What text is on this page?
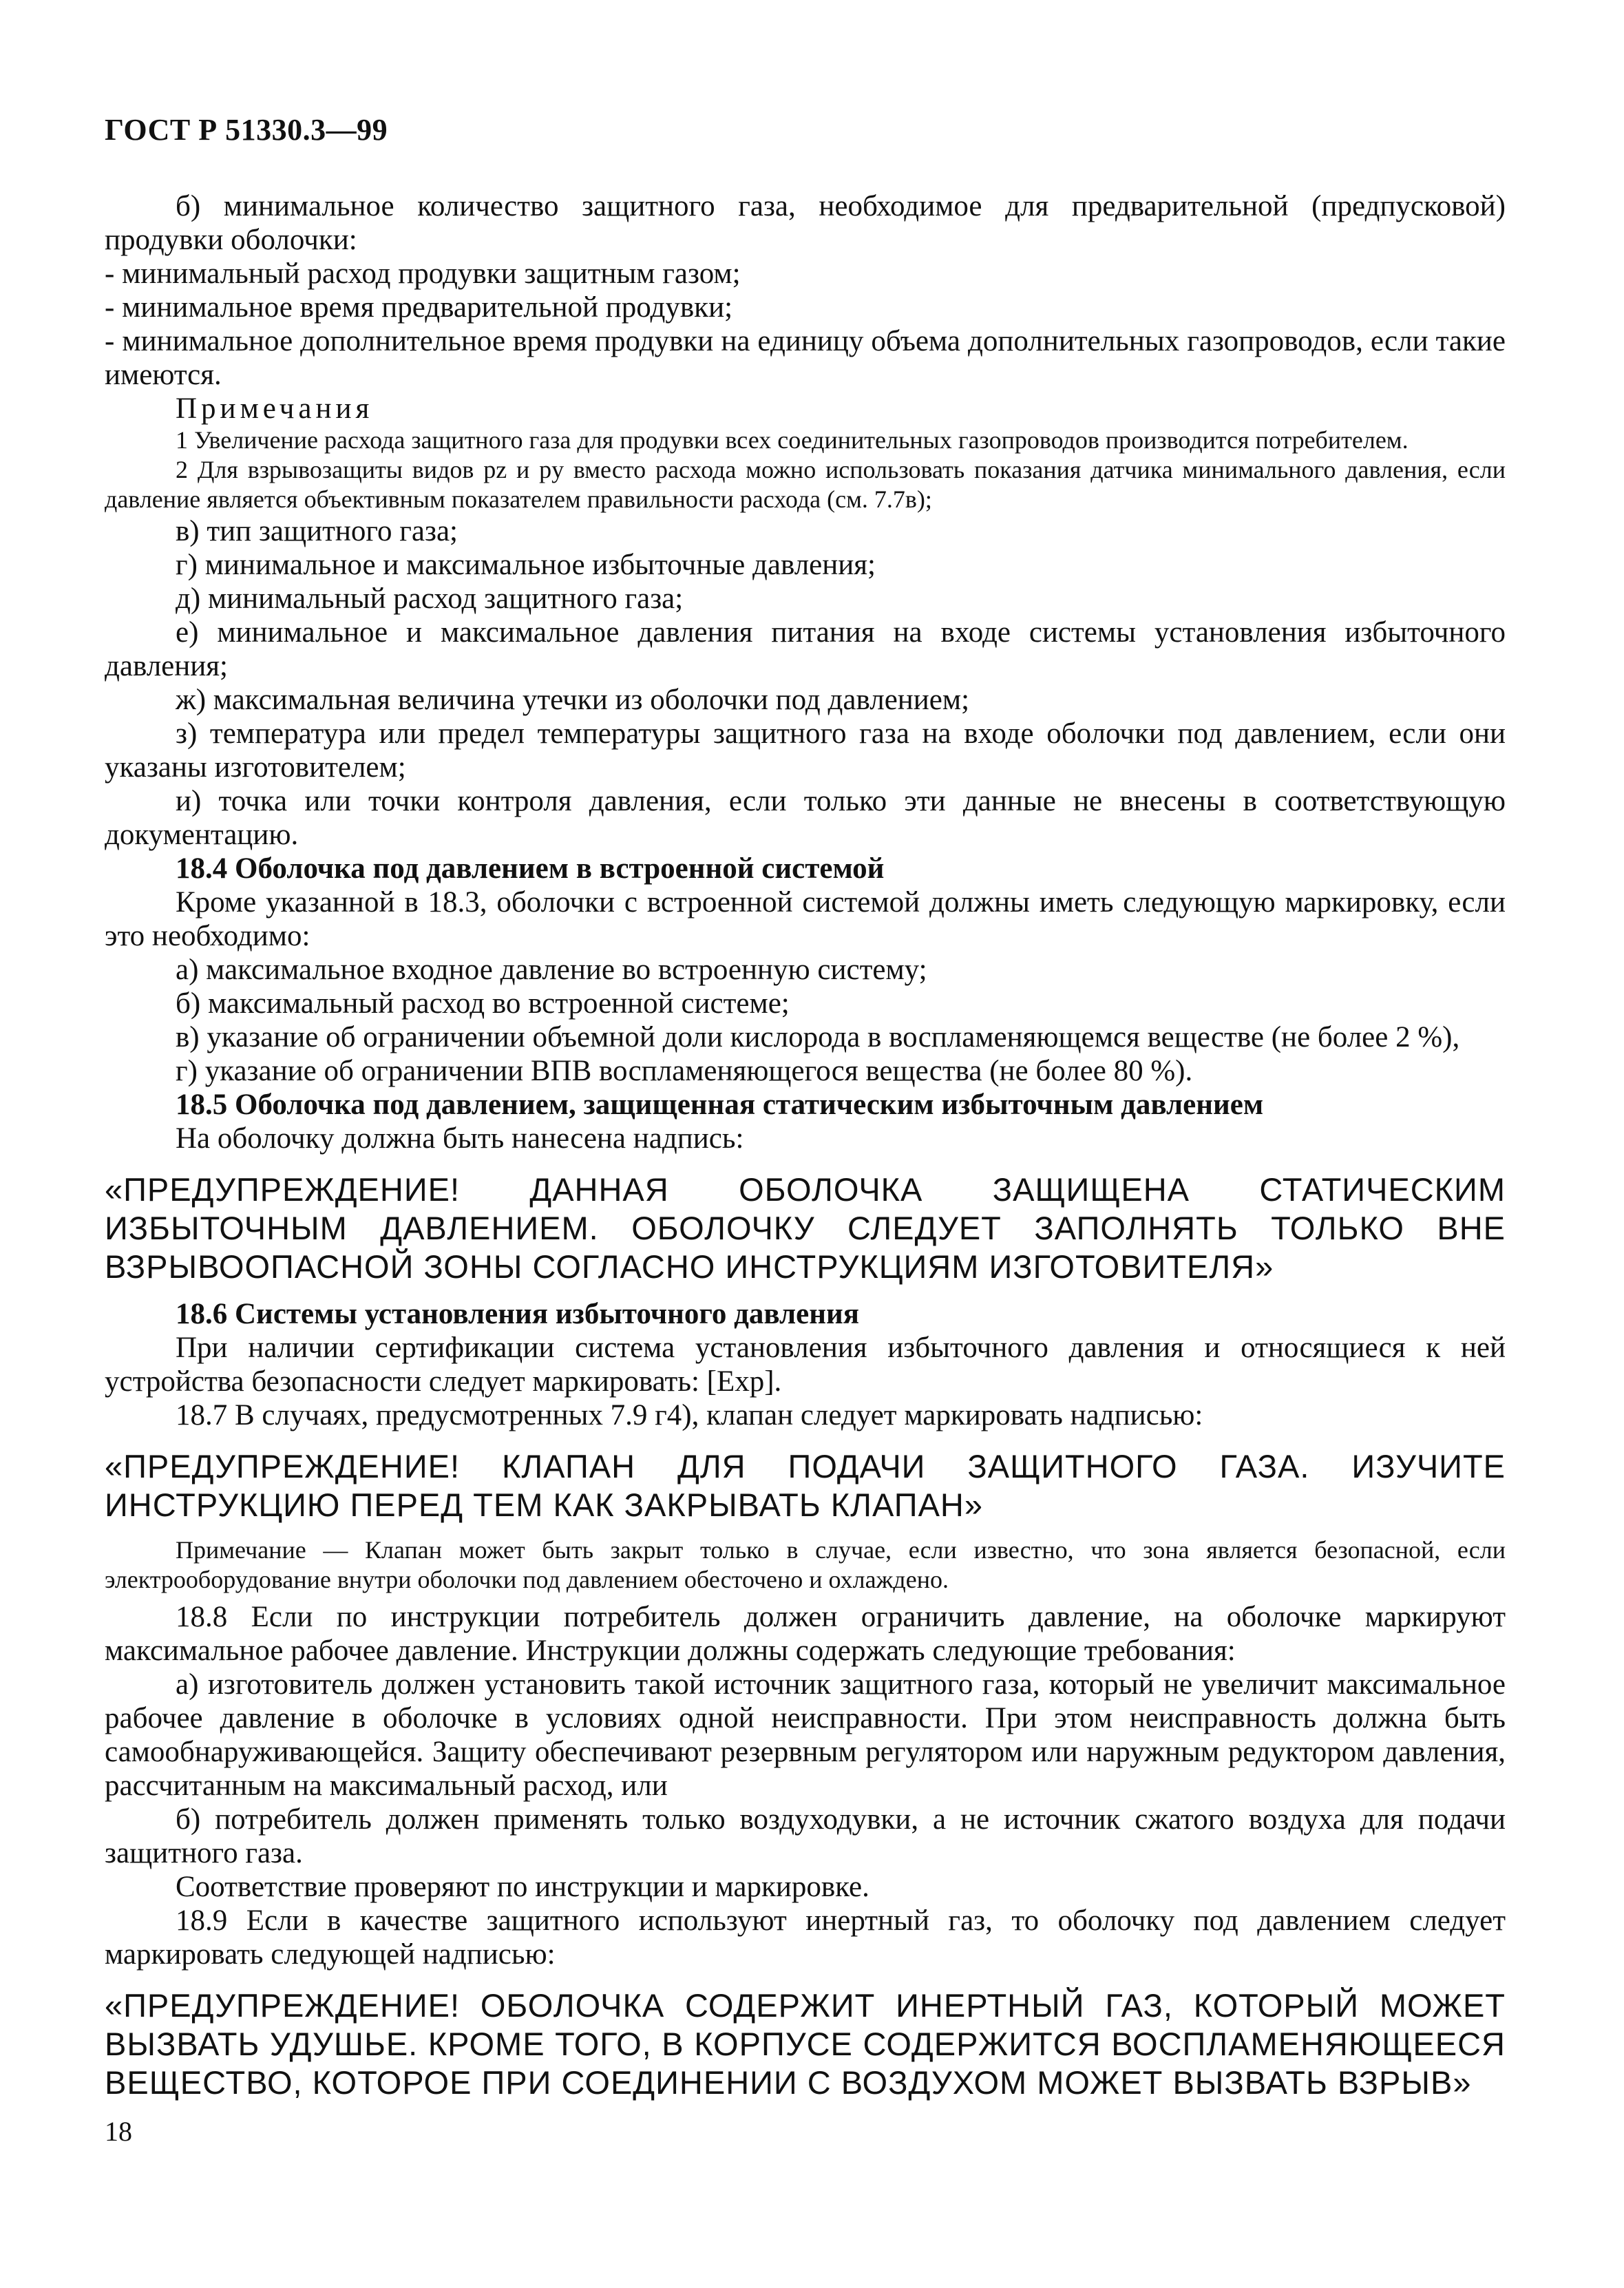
ГОСТ Р 51330.3—99

б) минимальное количество защитного газа, необходимое для предварительной (предпусковой) продувки оболочки:

- минимальный расход продувки защитным газом;

- минимальное время предварительной продувки;

- минимальное дополнительное время продувки на единицу объема дополнительных газопроводов, если такие имеются.

Примечания

1 Увеличение расхода защитного газа для продувки всех соединительных газопроводов производится потребителем.

2 Для взрывозащиты видов pz и py вместо расхода можно использовать показания датчика минимального давления, если давление является объективным показателем правильности расхода (см. 7.7в);

в) тип защитного газа;

г) минимальное и максимальное избыточные давления;

д) минимальный расход защитного газа;

е) минимальное и максимальное давления питания на входе системы установления избыточного давления;

ж) максимальная величина утечки из оболочки под давлением;

з) температура или предел температуры защитного газа на входе оболочки под давлением, если они указаны изготовителем;

и) точка или точки контроля давления, если только эти данные не внесены в соответствующую документацию.

18.4 Оболочка под давлением в встроенной системой

Кроме указанной в 18.3, оболочки с встроенной системой должны иметь следующую маркировку, если это необходимо:

а) максимальное входное давление во встроенную систему;

б) максимальный расход во встроенной системе;

в) указание об ограничении объемной доли кислорода в воспламеняющемся веществе (не более 2 %),

г) указание об ограничении ВПВ воспламеняющегося вещества (не более 80 %).

18.5 Оболочка под давлением, защищенная статическим избыточным давлением

На оболочку должна быть нанесена надпись:

«ПРЕДУПРЕЖДЕНИЕ! ДАННАЯ ОБОЛОЧКА ЗАЩИЩЕНА СТАТИЧЕСКИМ ИЗБЫТОЧНЫМ ДАВЛЕНИЕМ. ОБОЛОЧКУ СЛЕДУЕТ ЗАПОЛНЯТЬ ТОЛЬКО ВНЕ ВЗРЫВООПАСНОЙ ЗОНЫ СОГЛАСНО ИНСТРУКЦИЯМ ИЗГОТОВИТЕЛЯ»

18.6 Системы установления избыточного давления

При наличии сертификации система установления избыточного давления и относящиеся к ней устройства безопасности следует маркировать: [Exp].

18.7 В случаях, предусмотренных 7.9 г4), клапан следует маркировать надписью:

«ПРЕДУПРЕЖДЕНИЕ! КЛАПАН ДЛЯ ПОДАЧИ ЗАЩИТНОГО ГАЗА. ИЗУЧИТЕ ИНСТРУКЦИЮ ПЕРЕД ТЕМ КАК ЗАКРЫВАТЬ КЛАПАН»

Примечание — Клапан может быть закрыт только в случае, если известно, что зона является безопасной, если электрооборудование внутри оболочки под давлением обесточено и охлаждено.

18.8 Если по инструкции потребитель должен ограничить давление, на оболочке маркируют максимальное рабочее давление. Инструкции должны содержать следующие требования:

а) изготовитель должен установить такой источник защитного газа, который не увеличит максимальное рабочее давление в оболочке в условиях одной неисправности. При этом неисправность должна быть самообнаруживающейся. Защиту обеспечивают резервным регулятором или наружным редуктором давления, рассчитанным на максимальный расход, или

б) потребитель должен применять только воздуходувки, а не источник сжатого воздуха для подачи защитного газа.

Соответствие проверяют по инструкции и маркировке.

18.9 Если в качестве защитного используют инертный газ, то оболочку под давлением следует маркировать следующей надписью:

«ПРЕДУПРЕЖДЕНИЕ! ОБОЛОЧКА СОДЕРЖИТ ИНЕРТНЫЙ ГАЗ, КОТОРЫЙ МОЖЕТ ВЫЗВАТЬ УДУШЬЕ. КРОМЕ ТОГО, В КОРПУСЕ СОДЕРЖИТСЯ ВОСПЛАМЕНЯЮЩЕЕСЯ ВЕЩЕСТВО, КОТОРОЕ ПРИ СОЕДИНЕНИИ С ВОЗДУХОМ МОЖЕТ ВЫЗВАТЬ ВЗРЫВ»

18
